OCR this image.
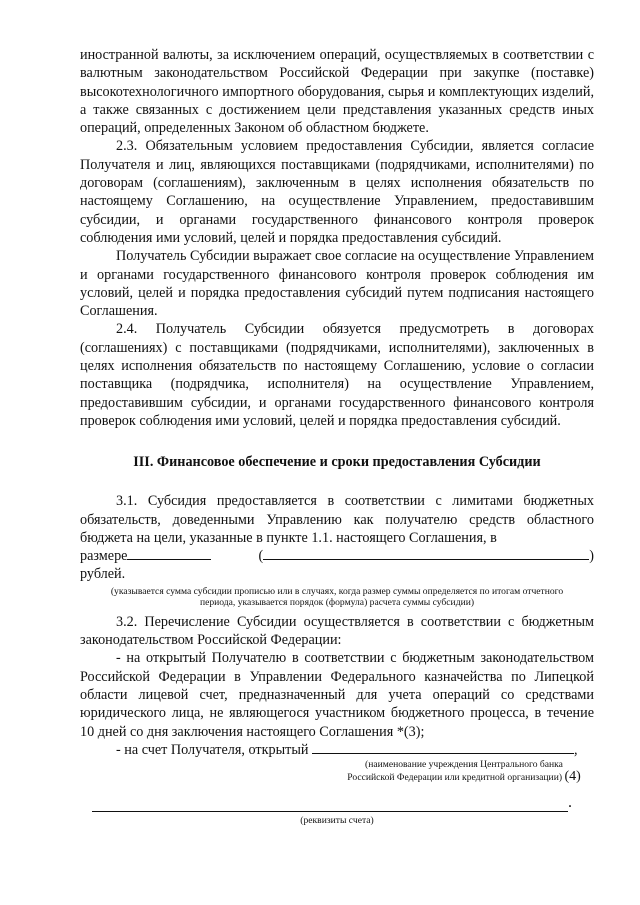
иностранной валюты, за исключением операций, осуществляемых в соответствии с валютным законодательством Российской Федерации при закупке (поставке) высокотехнологичного импортного оборудования, сырья и комплектующих изделий, а также связанных с достижением цели представления указанных средств иных операций, определенных Законом об областном бюджете.

2.3. Обязательным условием предоставления Субсидии, является согласие Получателя и лиц, являющихся поставщиками (подрядчиками, исполнителями) по договорам (соглашениям), заключенным в целях исполнения обязательств по настоящему Соглашению, на осуществление Управлением, предоставившим субсидии, и органами государственного финансового контроля проверок соблюдения ими условий, целей и порядка предоставления субсидий.

Получатель Субсидии выражает свое согласие на осуществление Управлением и органами государственного финансового контроля проверок соблюдения им условий, целей и порядка предоставления субсидий путем подписания настоящего Соглашения.

2.4. Получатель Субсидии обязуется предусмотреть в договорах (соглашениях) с поставщиками (подрядчиками, исполнителями), заключенных в целях исполнения обязательств по настоящему Соглашению, условие о согласии поставщика (подрядчика, исполнителя) на осуществление Управлением, предоставившим субсидии, и органами государственного финансового контроля проверок соблюдения ими условий, целей и порядка предоставления субсидий.

III. Финансовое обеспечение и сроки предоставления Субсидии

3.1. Субсидия предоставляется в соответствии с лимитами бюджетных обязательств, доведенными Управлению как получателю средств областного бюджета на цели, указанные в пункте 1.1. настоящего Соглашения, в

размере	(	) рублей.

(указывается сумма субсидии прописью или в случаях, когда размер суммы определяется по итогам отчетного периода, указывается порядок (формула) расчета суммы субсидии)

3.2. Перечисление Субсидии осуществляется в соответствии с бюджетным законодательством Российской Федерации:

- на открытый Получателю в соответствии с бюджетным законодательством Российской Федерации в Управлении Федерального казначейства по Липецкой области лицевой счет, предназначенный для учета операций со средствами юридического лица, не являющегося участником бюджетного процесса, в течение 10 дней со дня заключения настоящего Соглашения *(3);

- на счет Получателя, открытый	,

(наименование учреждения Центрального банка Российской Федерации или кредитной организации) (4)
.
(реквизиты счета)
